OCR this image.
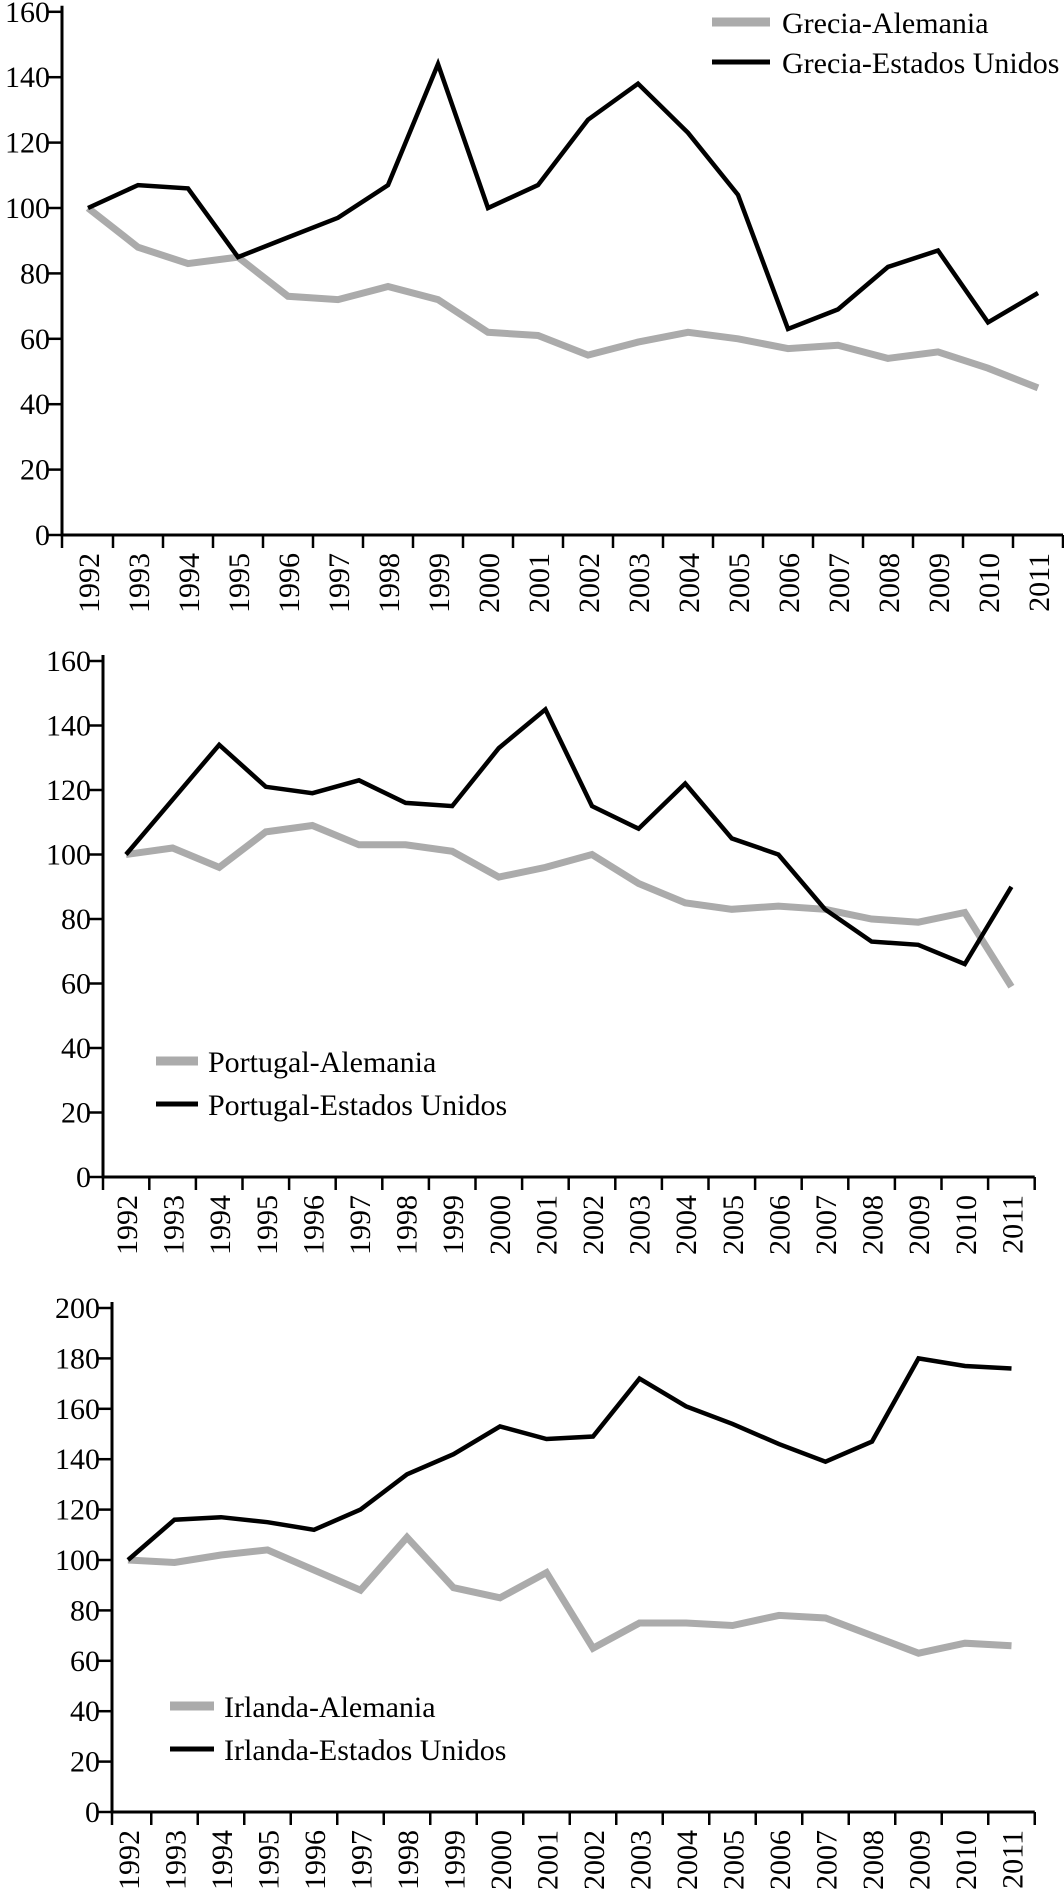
0
20
40
60
80
100
120
140
160
1992 1993 1994 1995 1996 1997 1998 1999 2000 2001 2002 2003 2004 2005 2006 2007 2008 2009 2010 2011
Grecia-Alemania
Grecia-Estados Unidos
0
20
40
60
80
100
120
140
160
1992 1993 1994 1995 1996 1997 1998 1999 2000 2001 2002 2003 2004 2005 2006 2007 2008 2009 2010 2011
Portugal-Alemania
Portugal-Estados Unidos
0
20
40
60
80
100
120
140
160
180
200
1992 1993 1994 1995 1996 1997 1998 1999 2000 2001 2002 2003 2004 2005 2006 2007 2008 2009 2010 2011
Irlanda-Alemania
Irlanda-Estados Unidos
